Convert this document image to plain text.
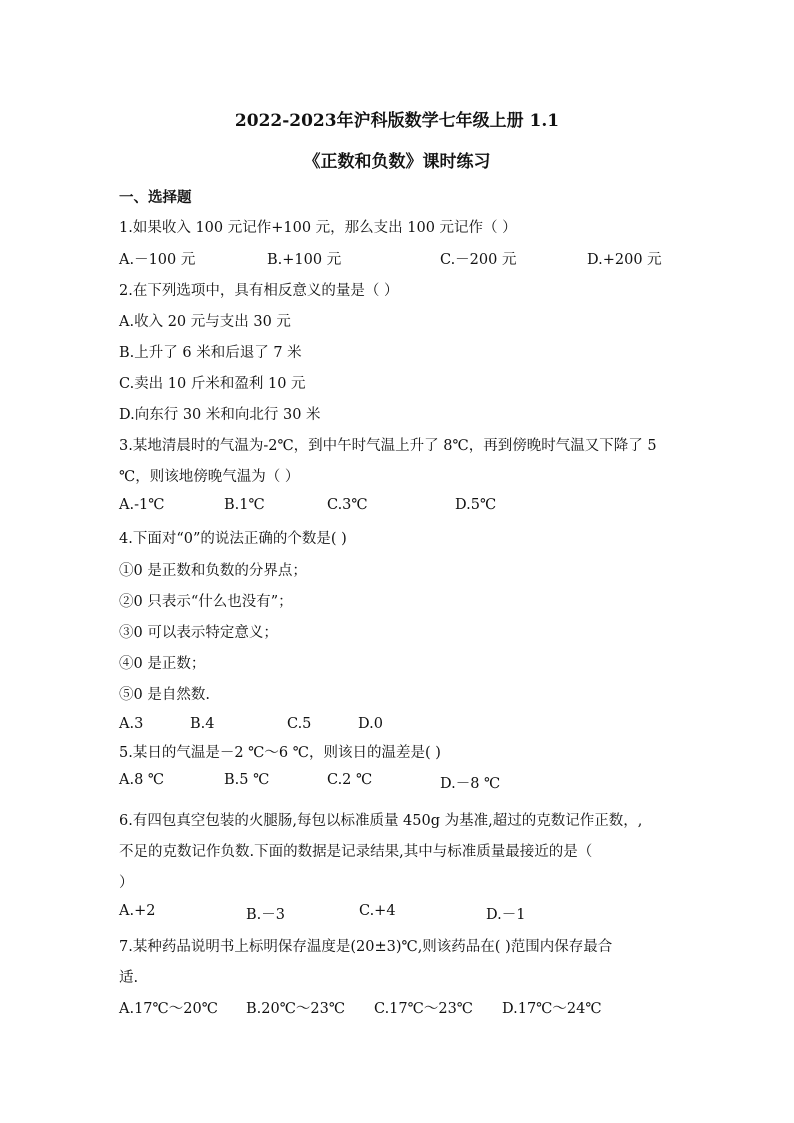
2022-2023年沪科版数学七年级上册 1.1
《正数和负数》课时练习
一、选择题
1.如果收入 100 元记作+100 元，那么支出 100 元记作（ ）
A.－100 元	B.+100 元	C.－200 元	D.+200 元
2.在下列选项中，具有相反意义的量是（ ）
A.收入 20 元与支出 30 元
B.上升了 6 米和后退了 7 米
C.卖出 10 斤米和盈利 10 元
D.向东行 30 米和向北行 30 米
3.某地清晨时的气温为-2℃，到中午时气温上升了 8℃，再到傍晚时气温又下降了 5
℃，则该地傍晚气温为（ ）
A.-1℃	B.1℃	C.3℃	D.5℃
4.下面对“0”的说法正确的个数是( )
①0 是正数和负数的分界点；
②0 只表示“什么也没有”；
③0 可以表示特定意义；
④0 是正数；
⑤0 是自然数.
A.3	B.4	C.5	D.0
5.某日的气温是－2 ℃～6 ℃，则该日的温差是( )
A.8 ℃	B.5 ℃	C.2 ℃	D.－8 ℃
6.有四包真空包装的火腿肠,每包以标准质量 450g 为基准,超过的克数记作正数，,
不足的克数记作负数.下面的数据是记录结果,其中与标准质量最接近的是（
）
A.+2	B.－3	C.+4	D.－1
7.某种药品说明书上标明保存温度是(20±3)℃,则该药品在( )范围内保存最合
适.
A.17℃～20℃ B.20℃～23℃ C.17℃～23℃ D.17℃～24℃
